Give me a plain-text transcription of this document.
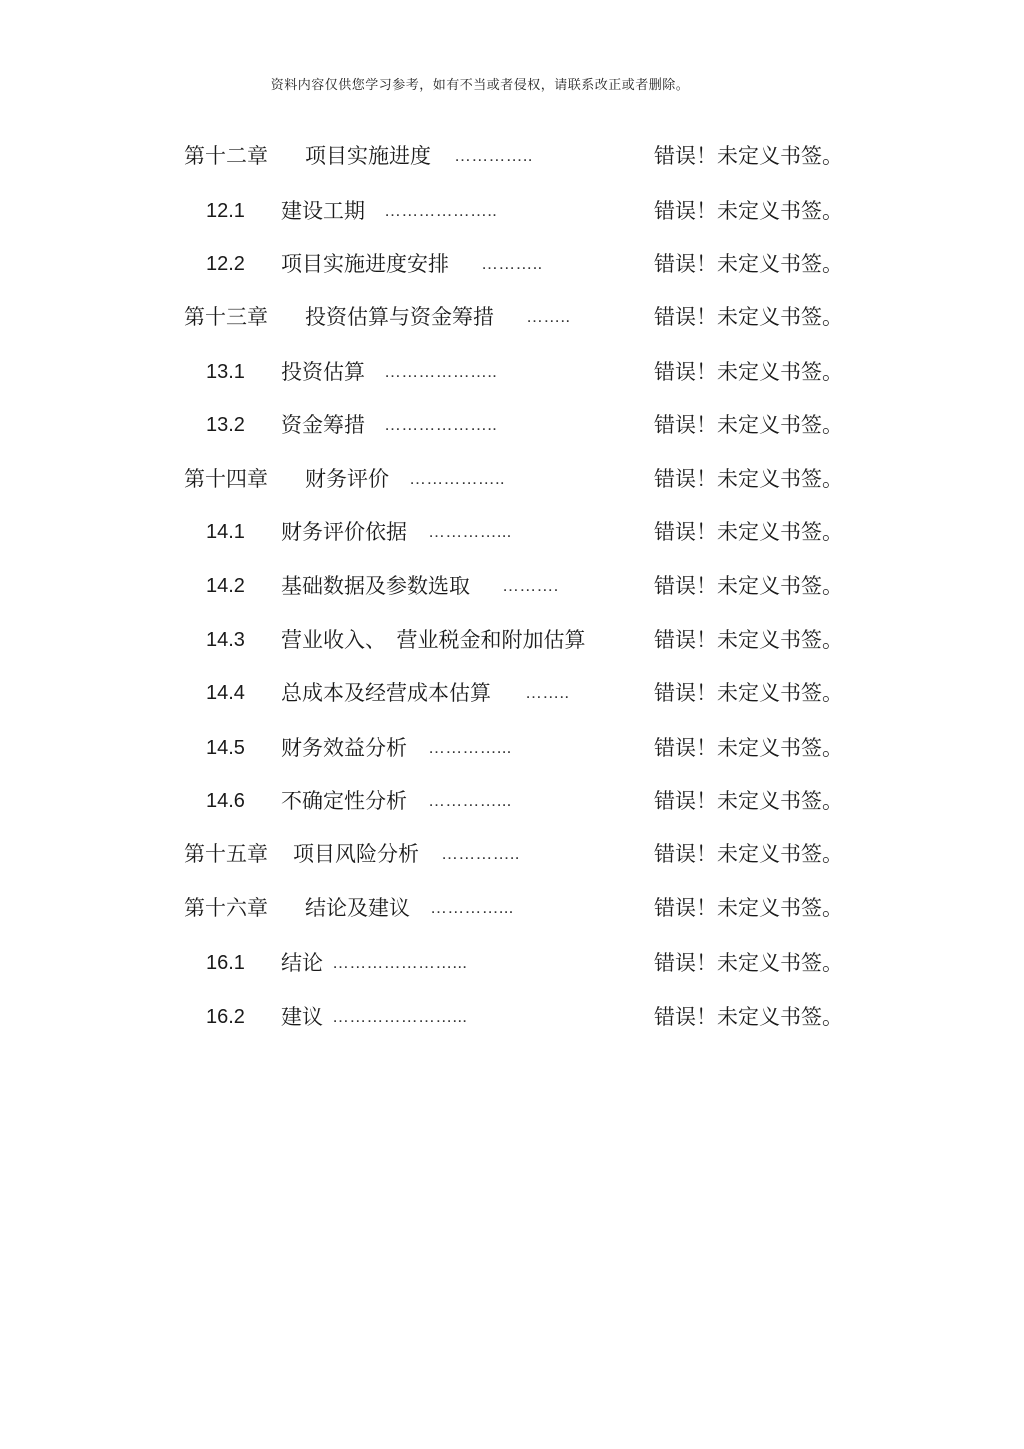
资料内容仅供您学习参考，如有不当或者侵权，请联系改正或者删除。
第十二章 项目实施进度 …………..	错误！未定义书签。
12.1 建设工期 ………………..	错误！未定义书签。
12.2 项目实施进度安排 ………..	错误！未定义书签。
第十三章 投资估算与资金筹措 ……..	错误！未定义书签。
13.1 投资估算 ………………..	错误！未定义书签。
13.2 资金筹措 ………………..	错误！未定义书签。
第十四章 财务评价 ……………..	错误！未定义书签。
14.1 财务评价依据 …………...	错误！未定义书签。
14.2 基础数据及参数选取 ……….	错误！未定义书签。
14.3 营业收入、　营业税金和附加估算	错误！未定义书签。
14.4 总成本及经营成本估算 ……..	错误！未定义书签。
14.5 财务效益分析 …………...	错误！未定义书签。
14.6 不确定性分析 …………...	错误！未定义书签。
第十五章 项目风险分析 …………..	错误！未定义书签。
第十六章 结论及建议 …………...	错误！未定义书签。
16.1 结论 …………………...	错误！未定义书签。
16.2 建议 …………………...	错误！未定义书签。
